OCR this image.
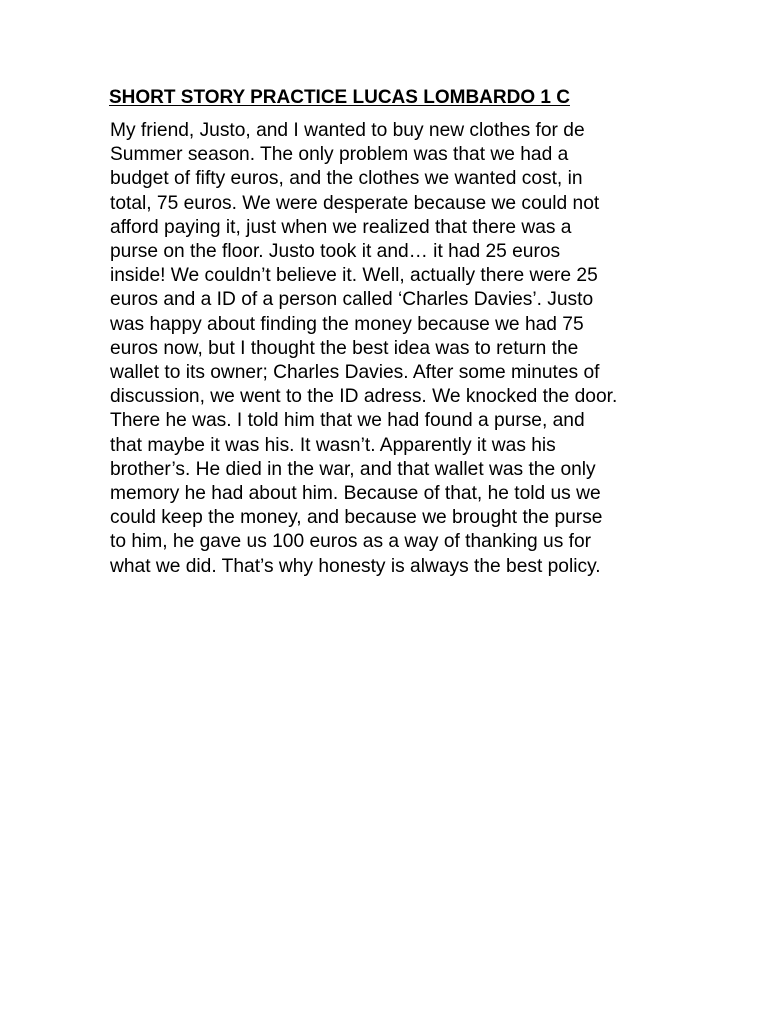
SHORT STORY PRACTICE LUCAS LOMBARDO 1 C

My friend, Justo, and I wanted to buy new clothes for de
Summer season. The only problem was that we had a
budget of fifty euros, and the clothes we wanted cost, in
total, 75 euros. We were desperate because we could not
afford paying it, just when we realized that there was a
purse on the floor. Justo took it and… it had 25 euros
inside! We couldn’t believe it. Well, actually there were 25
euros and a ID of a person called ‘Charles Davies’. Justo
was happy about finding the money because we had 75
euros now, but I thought the best idea was to return the
wallet to its owner; Charles Davies. After some minutes of
discussion, we went to the ID adress. We knocked the door.
There he was. I told him that we had found a purse, and
that maybe it was his. It wasn’t. Apparently it was his
brother’s. He died in the war, and that wallet was the only
memory he had about him. Because of that, he told us we
could keep the money, and because we brought the purse
to him, he gave us 100 euros as a way of thanking us for
what we did. That’s why honesty is always the best policy.
